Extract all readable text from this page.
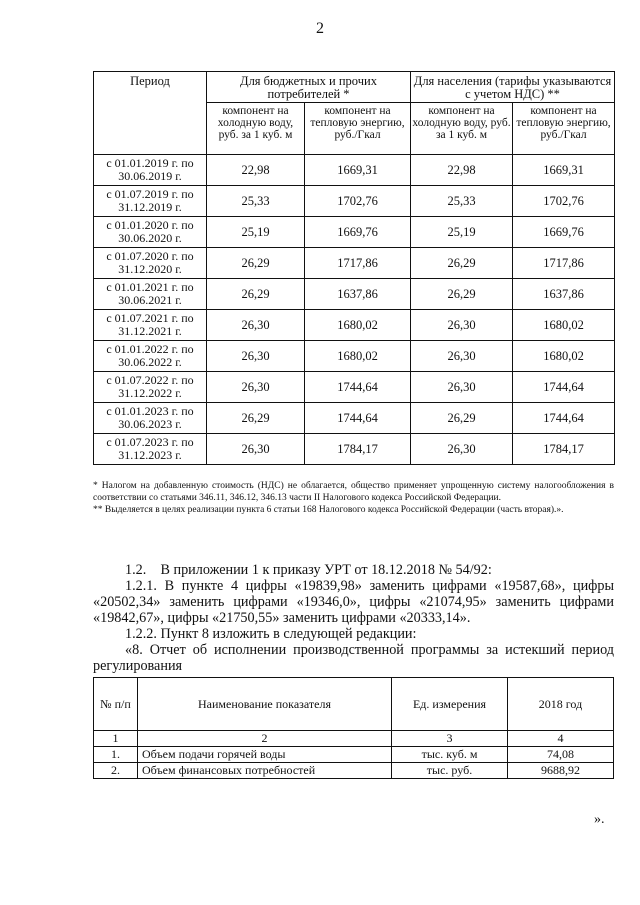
2
Период	Для бюджетных и прочих потребителей *		Для населения (тарифы указываются с учетом НДС) **	
	компонент на холодную воду, руб. за 1 куб. м	компонент на тепловую энергию, руб./Гкал	компонент на холодную воду, руб. за 1 куб. м	компонент на тепловую энергию, руб./Гкал
с 01.01.2019 г. по 30.06.2019 г.	22,98	1669,31	22,98	1669,31
с 01.07.2019 г. по 31.12.2019 г.	25,33	1702,76	25,33	1702,76
с 01.01.2020 г. по 30.06.2020 г.	25,19	1669,76	25,19	1669,76
с 01.07.2020 г. по 31.12.2020 г.	26,29	1717,86	26,29	1717,86
с 01.01.2021 г. по 30.06.2021 г.	26,29	1637,86	26,29	1637,86
с 01.07.2021 г. по 31.12.2021 г.	26,30	1680,02	26,30	1680,02
с 01.01.2022 г. по 30.06.2022 г.	26,30	1680,02	26,30	1680,02
с 01.07.2022 г. по 31.12.2022 г.	26,30	1744,64	26,30	1744,64
с 01.01.2023 г. по 30.06.2023 г.	26,29	1744,64	26,29	1744,64
с 01.07.2023 г. по 31.12.2023 г.	26,30	1784,17	26,30	1784,17

* Налогом на добавленную стоимость (НДС) не облагается, общество применяет упрощенную систему налогообложения в соответствии со статьями 346.11, 346.12, 346.13 части II Налогового кодекса Российской Федерации.

** Выделяется в целях реализации пункта 6 статьи 168 Налогового кодекса Российской Федерации (часть вторая).».

1.2.    В приложении 1 к приказу УРТ от 18.12.2018 № 54/92:

1.2.1. В пункте 4 цифры «19839,98» заменить цифрами «19587,68», цифры «20502,34» заменить цифрами «19346,0», цифры «21074,95» заменить цифрами «19842,67», цифры «21750,55» заменить цифрами «20333,14».

1.2.2. Пункт 8 изложить в следующей редакции:

«8. Отчет об исполнении производственной программы за истекший период регулирования

№ п/п	Наименование показателя	Ед. измерения	2018 год
1	2	3	4
1.	Объем подачи горячей воды	тыс. куб. м	74,08
2.	Объем финансовых потребностей	тыс. руб.	9688,92
».
